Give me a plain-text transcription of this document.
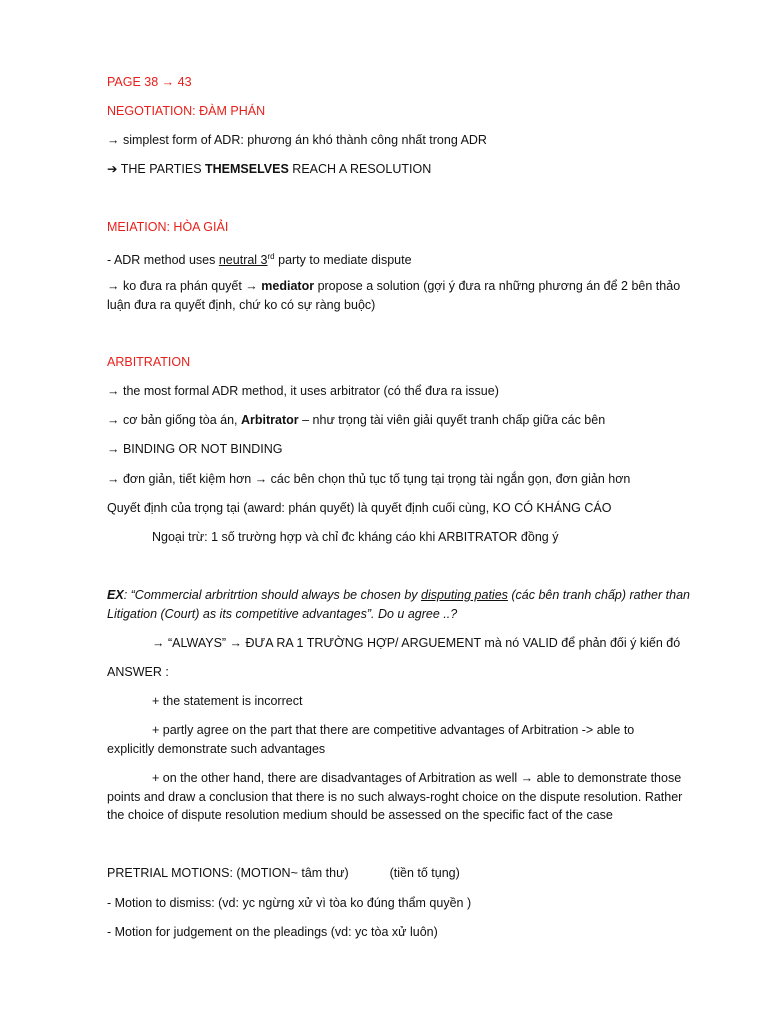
PAGE 38 → 43
NEGOTIATION: ĐÀM PHÁN
→ simplest form of ADR: phương án khó thành công nhất trong ADR
➔ THE PARTIES THEMSELVES REACH A RESOLUTION
MEIATION: HÒA GIẢI
- ADR method uses neutral 3rd party to mediate dispute
→ ko đưa ra phán quyết → mediator propose a solution (gợi ý đưa ra những phương án để 2 bên thảo
luận đưa ra quyết định, chứ ko có sự ràng buộc)
ARBITRATION
→ the most formal ADR method, it uses arbitrator (có thể đưa ra issue)
→ cơ bản giống tòa án, Arbitrator – như trọng tài viên giải quyết tranh chấp giữa các bên
→ BINDING OR NOT BINDING
→ đơn giản, tiết kiệm hơn → các bên chọn thủ tục tố tụng tại trọng tài ngắn gọn, đơn giản hơn
Quyết định của trọng tại (award: phán quyết) là quyết định cuối cùng, KO CÓ KHÁNG CÁO
Ngoại trừ: 1 số trường hợp và chỉ đc kháng cáo khi ARBITRATOR đồng ý
EX: “Commercial arbritrtion should always be chosen by disputing paties (các bên tranh chấp) rather than
Litigation (Court) as its competitive advantages”. Do u agree ..?
→ “ALWAYS” → ĐƯA RA 1 TRƯỜNG HỢP/ ARGUEMENT mà nó VALID để phản đối ý kiến đó
ANSWER :
+ the statement is incorrect
+ partly agree on the part that there are competitive advantages of Arbitration -> able to
explicitly demonstrate such advantages
+ on the other hand, there are disadvantages of Arbitration as well → able to demonstrate those
points and draw a conclusion that there is no such always-roght choice on the dispute resolution. Rather
the choice of dispute resolution medium should be assessed on the specific fact of the case
PRETRIAL MOTIONS: (MOTION~ tâm thư)	(tiền tố tụng)
- Motion to dismiss: (vd: yc ngừng xử vì tòa ko đúng thẩm quyền )
- Motion for judgement on the pleadings (vd: yc tòa xử luôn)
